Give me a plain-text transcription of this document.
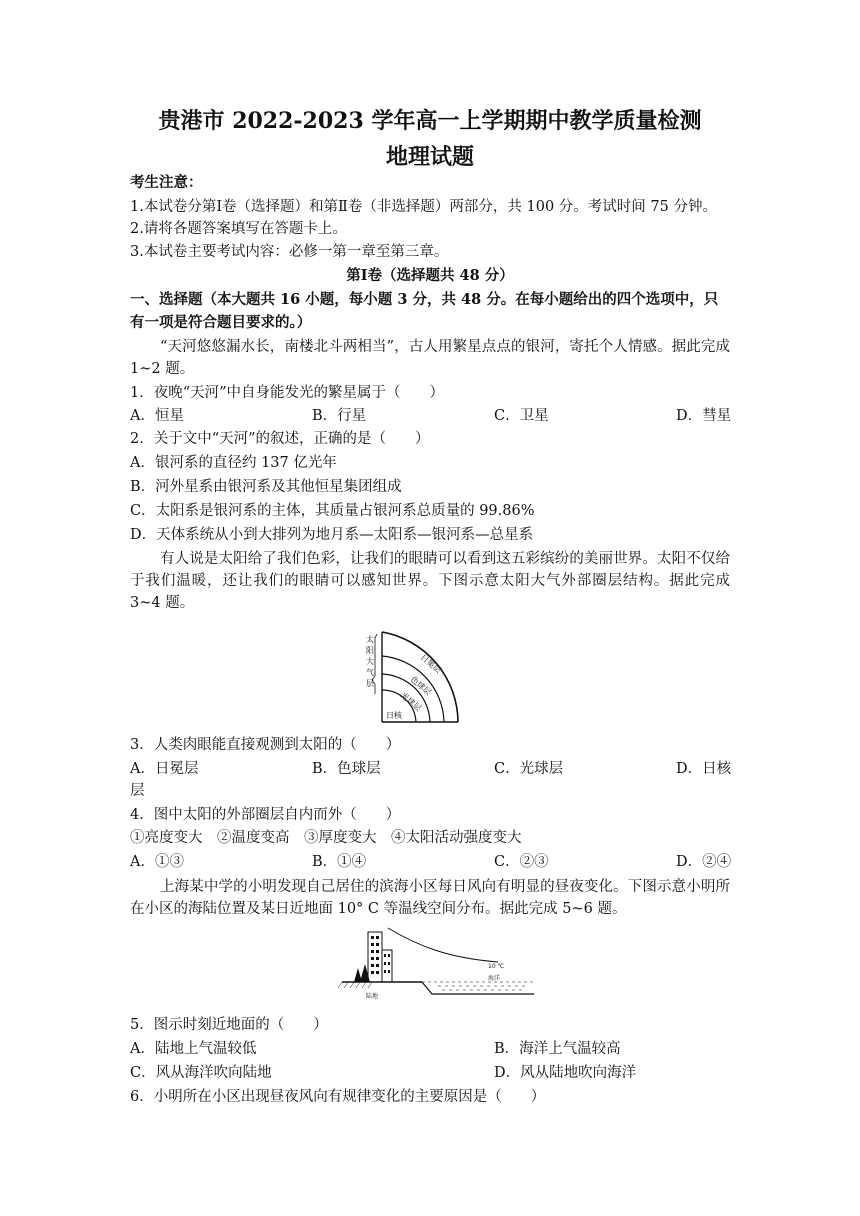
贵港市 2022-2023 学年高一上学期期中教学质量检测
地理试题
考生注意：
1.本试卷分第Ⅰ卷（选择题）和第Ⅱ卷（非选择题）两部分，共 100 分。考试时间 75 分钟。
2.请将各题答案填写在答题卡上。
3.本试卷主要考试内容：必修一第一章至第三章。
第Ⅰ卷（选择题共 48 分）
一、选择题（本大题共 16 小题，每小题 3 分，共 48 分。在每小题给出的四个选项中，只
有一项是符合题目要求的。）
“天河悠悠漏水长，南楼北斗两相当”，古人用繁星点点的银河，寄托个人情感。据此完成 1~2 题。
1．夜晚“天河”中自身能发光的繁星属于（　　）
A．恒星	B．行星	C．卫星	D．彗星
2．关于文中“天河”的叙述，正确的是（　　）
A．银河系的直径约 137 亿光年
B．河外星系由银河系及其他恒星集团组成
C．太阳系是银河系的主体，其质量占银河系总质量的 99.86%
D．天体系统从小到大排列为地月系—太阳系—银河系—总星系
有人说是太阳给了我们色彩，让我们的眼睛可以看到这五彩缤纷的美丽世界。太阳不仅给于我们温暖，还让我们的眼睛可以感知世界。下图示意太阳大气外部圈层结构。据此完成 3~4 题。
太
阳
大
气
层
日冕层
色球层
光球层
日核
3．人类肉眼能直接观测到太阳的（　　）
A．日冕层	B．色球层	C．光球层	D．日核
层
4．图中太阳的外部圈层自内而外（　　）
①亮度变大　②温度变高　③厚度变大　④太阳活动强度变大
A．①③	B．①④	C．②③	D．②④
上海某中学的小明发现自己居住的滨海小区每日风向有明显的昼夜变化。下图示意小明所在小区的海陆位置及某日近地面 10° C 等温线空间分布。据此完成 5~6 题。
10 ℃
陆地
海洋
5．图示时刻近地面的（　　）
A．陆地上气温较低	B．海洋上气温较高
C．风从海洋吹向陆地	D．风从陆地吹向海洋
6．小明所在小区出现昼夜风向有规律变化的主要原因是（　　）
